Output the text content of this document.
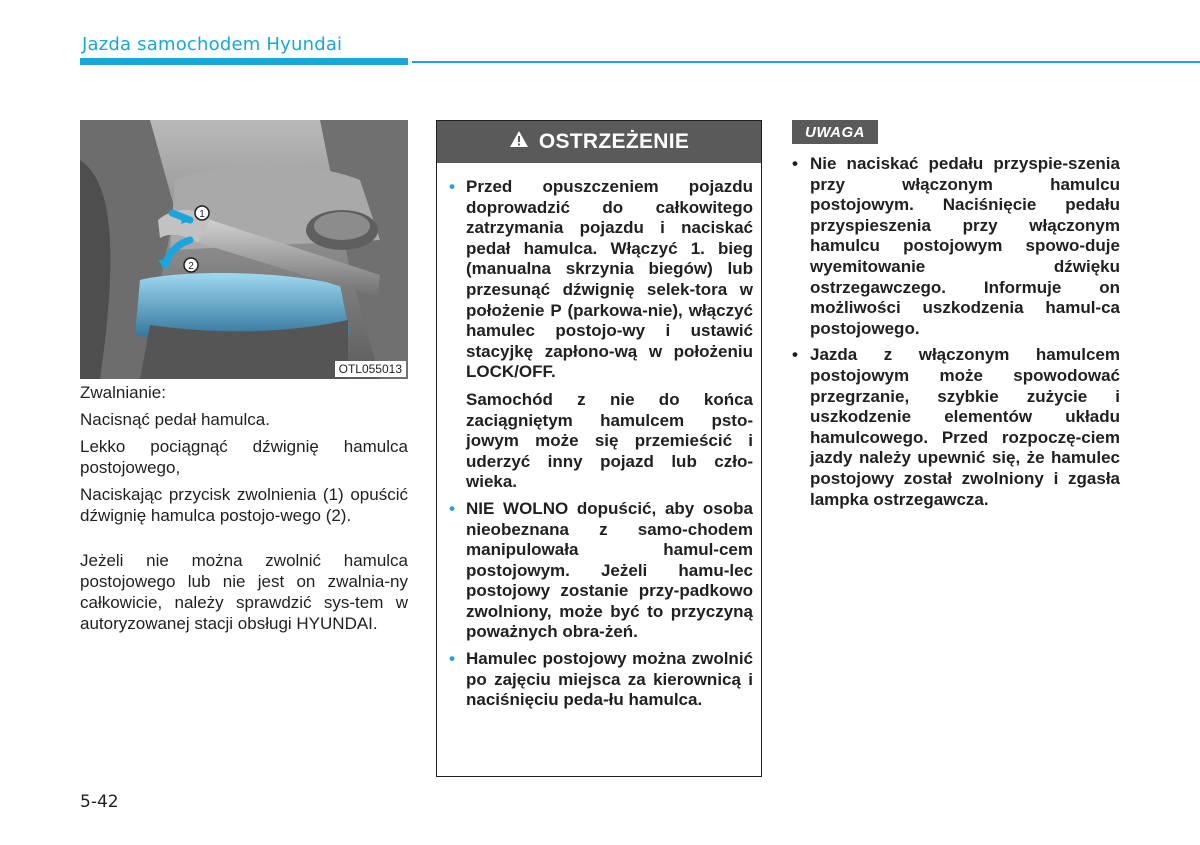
Jazda samochodem Hyundai
1
2
OTL055013

Zwalnianie:

Nacisnąć pedał hamulca.

Lekko pociągnąć dźwignię hamulca postojowego,

Naciskając przycisk zwolnienia (1) opuścić dźwignię hamulca postojo-wego (2).

Jeżeli nie można zwolnić hamulca postojowego lub nie jest on zwalnia-ny całkowicie, należy sprawdzić sys-tem w autoryzowanej stacji obsługi HYUNDAI.

OSTRZEŻENIE
• Przed opuszczeniem pojazdu doprowadzić do całkowitego zatrzymania pojazdu i naciskać pedał hamulca. Włączyć 1. bieg (manualna skrzynia biegów) lub przesunąć dźwignię selek-tora w położenie P (parkowa-nie), włączyć hamulec postojo-wy i ustawić stacyjkę zapłono-wą w położeniu LOCK/OFF.

Samochód z nie do końca zaciągniętym hamulcem psto-jowym może się przemieścić i uderzyć inny pojazd lub czło-wieka.

• NIE WOLNO dopuścić, aby osoba nieobeznana z samo-chodem manipulowała hamul-cem postojowym. Jeżeli hamu-lec postojowy zostanie przy-padkowo zwolniony, może być to przyczyną poważnych obra-żeń.

• Hamulec postojowy można zwolnić po zajęciu miejsca za kierownicą i naciśnięciu peda-łu hamulca.

UWAGA
• Nie naciskać pedału przyspie-szenia przy włączonym hamulcu postojowym. Naciśnięcie pedału przyspieszenia przy włączonym hamulcu postojowym spowo-duje wyemitowanie dźwięku ostrzegawczego. Informuje on możliwości uszkodzenia hamul-ca postojowego.

• Jazda z włączonym hamulcem postojowym może spowodować przegrzanie, szybkie zużycie i uszkodzenie elementów układu hamulcowego. Przed rozpoczę-ciem jazdy należy upewnić się, że hamulec postojowy został zwolniony i zgasła lampka ostrzegawcza.

5-42
